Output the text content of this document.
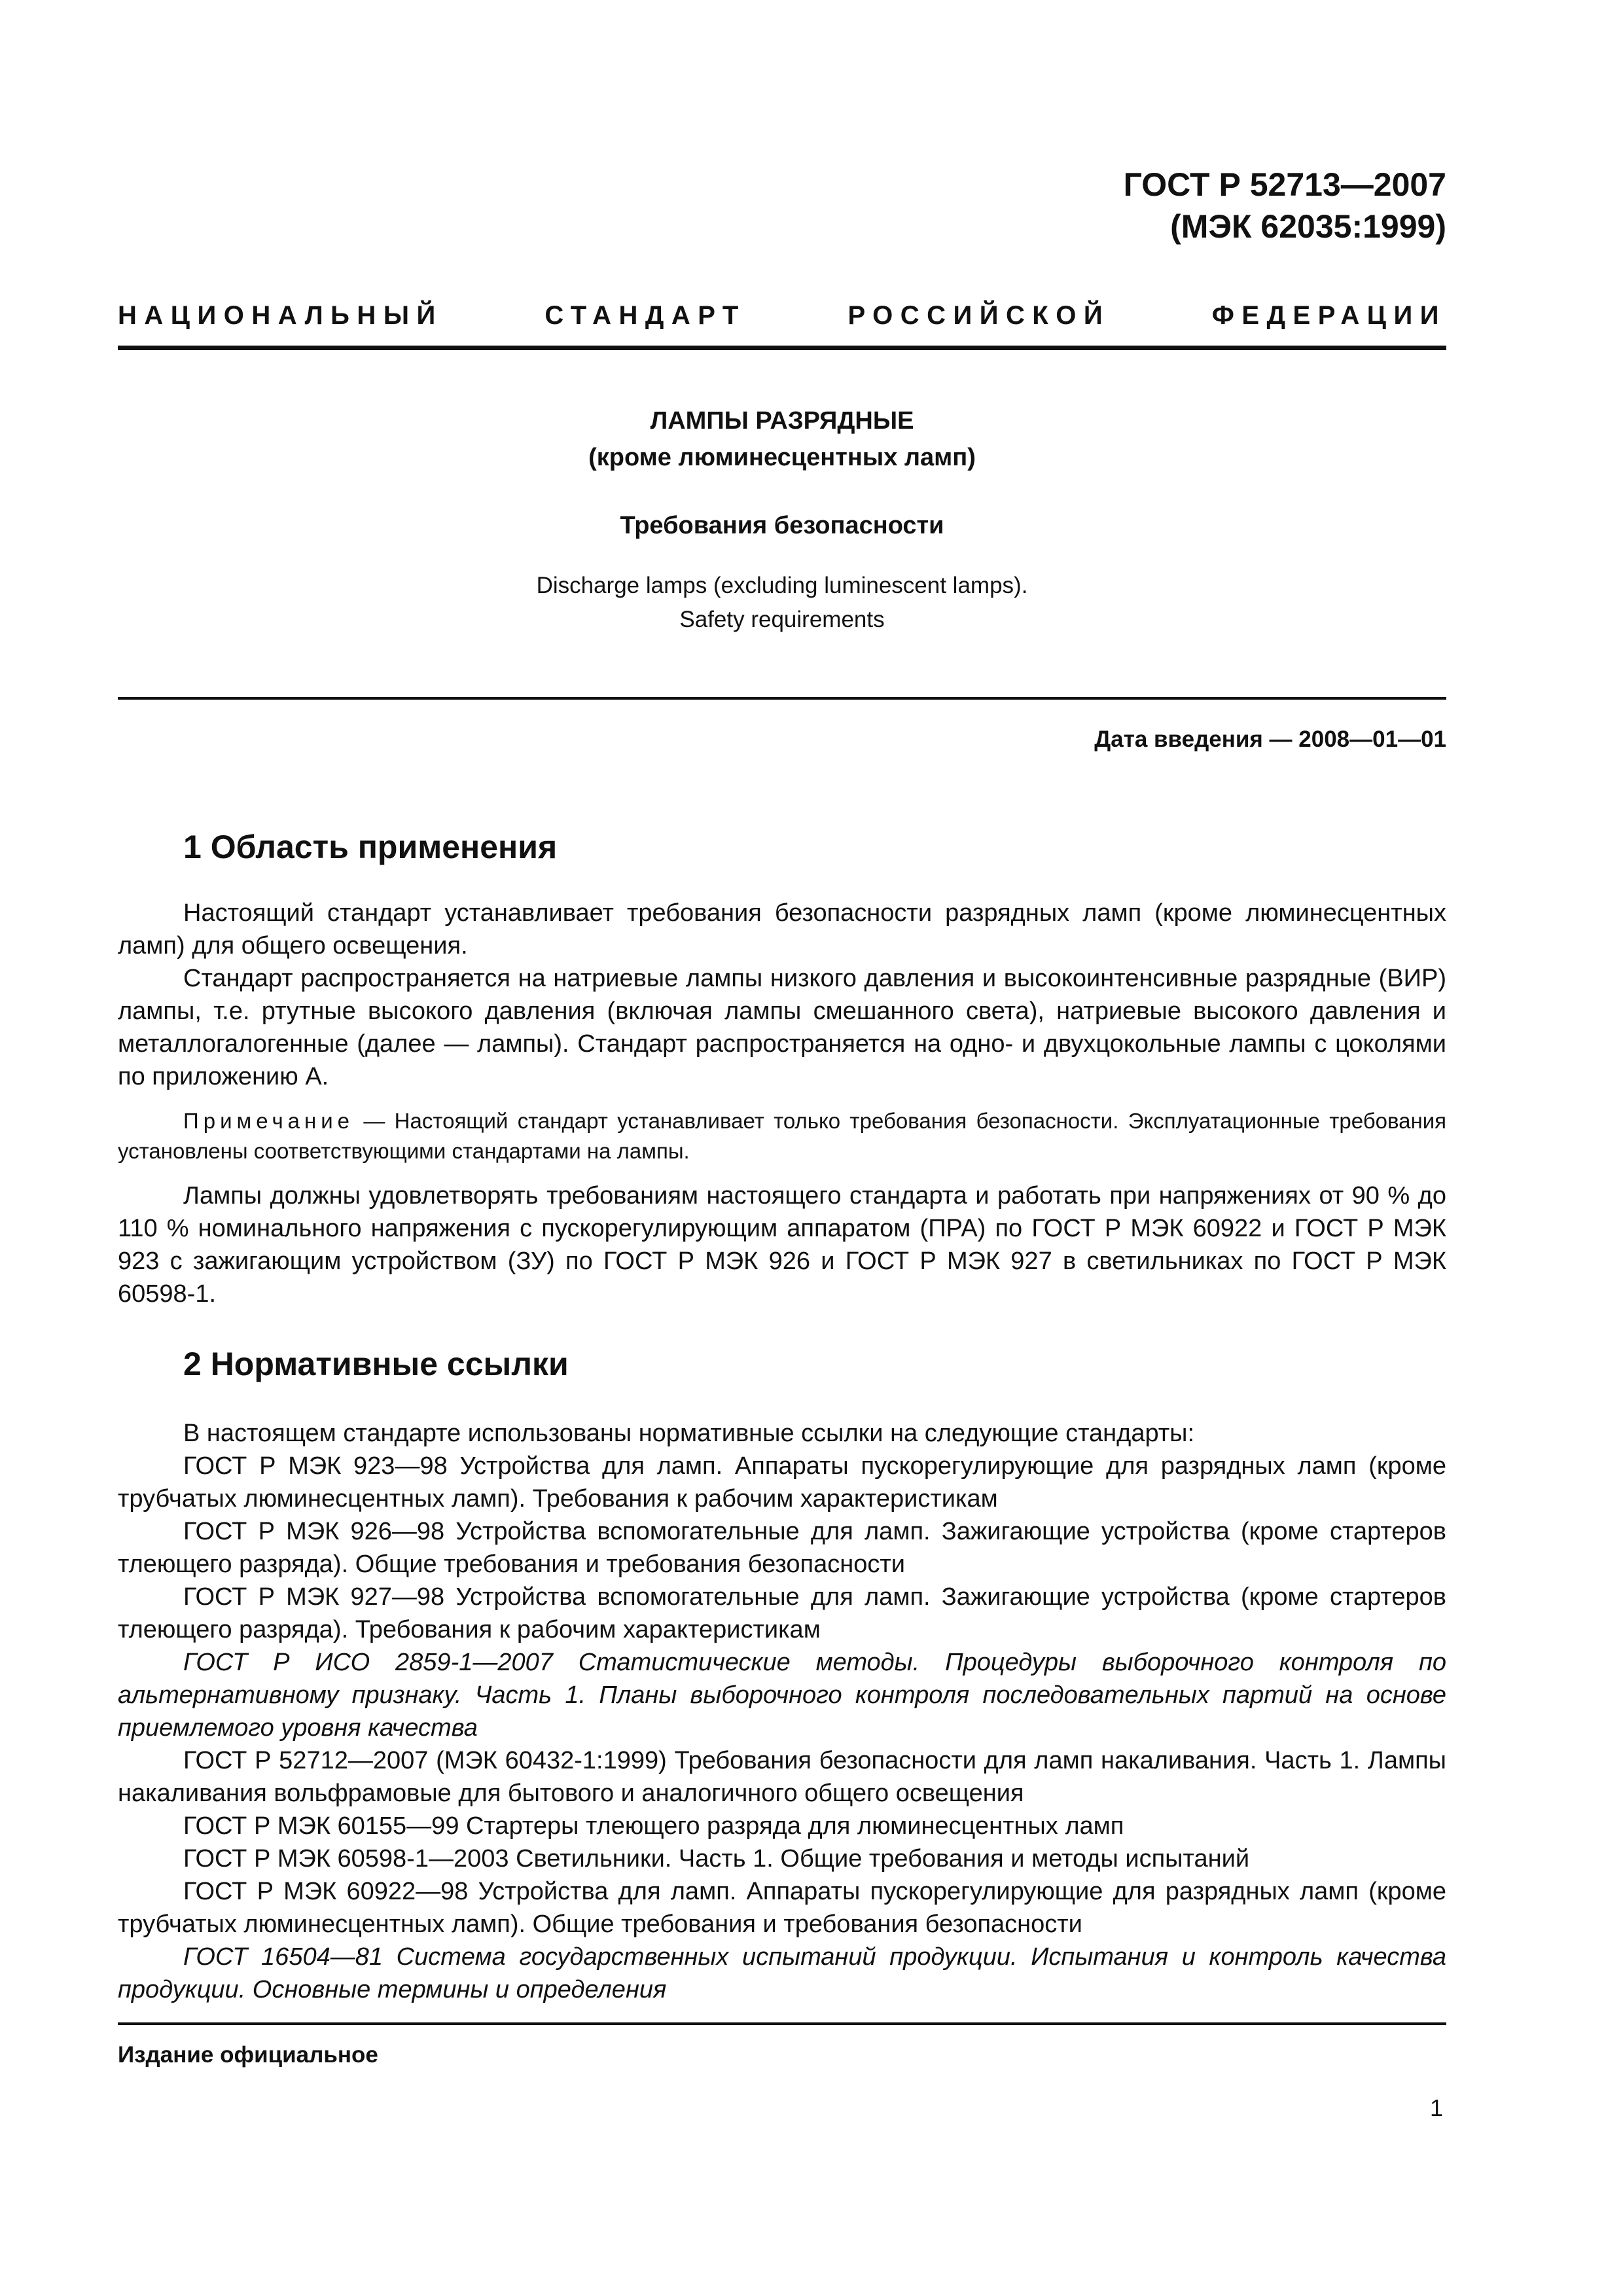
ГОСТ Р 52713—2007
(МЭК 62035:1999)
НАЦИОНАЛЬНЫЙ	СТАНДАРТ	РОССИЙСКОЙ	ФЕДЕРАЦИИ
ЛАМПЫ РАЗРЯДНЫЕ
(кроме люминесцентных ламп)
Требования безопасности
Discharge lamps (excluding luminescent lamps).
Safety requirements
Дата введения — 2008—01—01
1 Область применения

Настоящий стандарт устанавливает требования безопасности разрядных ламп (кроме люминесцентных ламп) для общего освещения.

Стандарт распространяется на натриевые лампы низкого давления и высокоинтенсивные разрядные (ВИР) лампы, т.е. ртутные высокого давления (включая лампы смешанного света), натриевые высокого давления и металлогалогенные (далее — лампы). Стандарт распространяется на одно- и двухцокольные лампы с цоколями по приложению А.

Примечание — Настоящий стандарт устанавливает только требования безопасности. Эксплуатационные требования установлены соответствующими стандартами на лампы.

Лампы должны удовлетворять требованиям настоящего стандарта и работать при напряжениях от 90 % до 110 % номинального напряжения с пускорегулирующим аппаратом (ПРА) по ГОСТ Р МЭК 60922 и ГОСТ Р МЭК 923 с зажигающим устройством (ЗУ) по ГОСТ Р МЭК 926 и ГОСТ Р МЭК 927 в светильниках по ГОСТ Р МЭК 60598-1.

2 Нормативные ссылки

В настоящем стандарте использованы нормативные ссылки на следующие стандарты:

ГОСТ Р МЭК 923—98 Устройства для ламп. Аппараты пускорегулирующие для разрядных ламп (кроме трубчатых люминесцентных ламп). Требования к рабочим характеристикам

ГОСТ Р МЭК 926—98 Устройства вспомогательные для ламп. Зажигающие устройства (кроме стартеров тлеющего разряда). Общие требования и требования безопасности

ГОСТ Р МЭК 927—98 Устройства вспомогательные для ламп. Зажигающие устройства (кроме стартеров тлеющего разряда). Требования к рабочим характеристикам

ГОСТ Р ИСО 2859-1—2007 Статистические методы. Процедуры выборочного контроля по альтернативному признаку. Часть 1. Планы выборочного контроля последовательных партий на основе приемлемого уровня качества

ГОСТ Р 52712—2007 (МЭК 60432-1:1999) Требования безопасности для ламп накаливания. Часть 1. Лампы накаливания вольфрамовые для бытового и аналогичного общего освещения

ГОСТ Р МЭК 60155—99 Стартеры тлеющего разряда для люминесцентных ламп

ГОСТ Р МЭК 60598-1—2003 Светильники. Часть 1. Общие требования и методы испытаний

ГОСТ Р МЭК 60922—98 Устройства для ламп. Аппараты пускорегулирующие для разрядных ламп (кроме трубчатых люминесцентных ламп). Общие требования и требования безопасности

ГОСТ 16504—81 Система государственных испытаний продукции. Испытания и контроль качества продукции. Основные термины и определения

Издание официальное
1
